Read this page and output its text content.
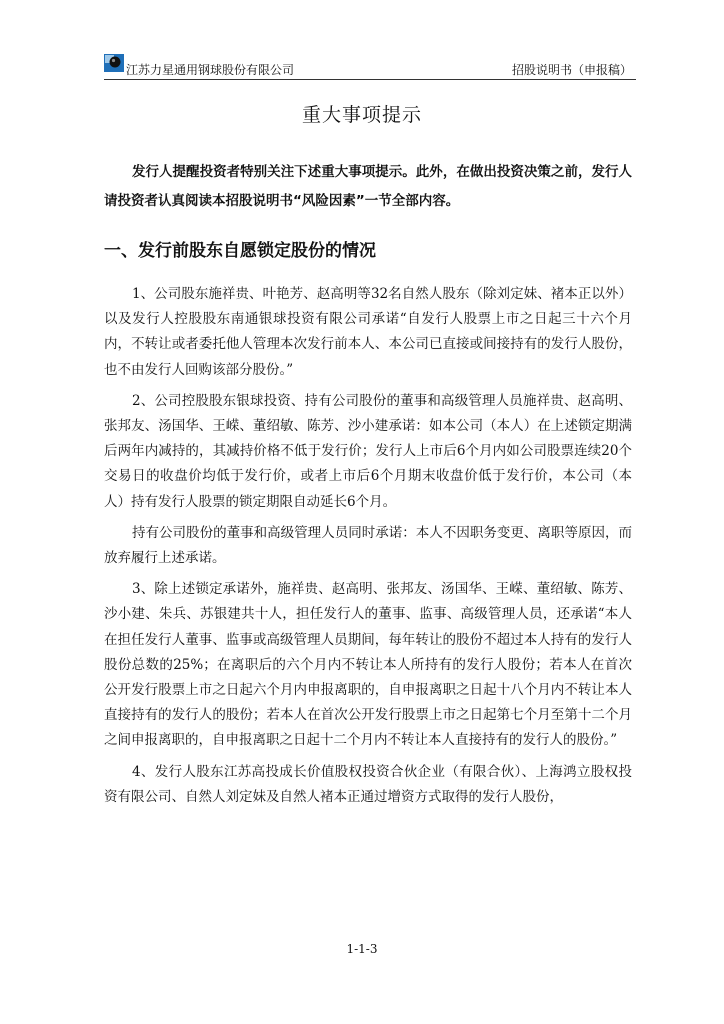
江苏力星通用钢球股份有限公司	招股说明书（申报稿）
重大事项提示

发行人提醒投资者特别关注下述重大事项提示。此外，在做出投资决策之前，发行人请投资者认真阅读本招股说明书“风险因素”一节全部内容。

一、发行前股东自愿锁定股份的情况

1、公司股东施祥贵、叶艳芳、赵高明等32名自然人股东（除刘定妹、褚本正以外）以及发行人控股股东南通银球投资有限公司承诺“自发行人股票上市之日起三十六个月内，不转让或者委托他人管理本次发行前本人、本公司已直接或间接持有的发行人股份，也不由发行人回购该部分股份。”

2、公司控股股东银球投资、持有公司股份的董事和高级管理人员施祥贵、赵高明、张邦友、汤国华、王嵘、董绍敏、陈芳、沙小建承诺：如本公司（本人）在上述锁定期满后两年内减持的，其减持价格不低于发行价；发行人上市后6个月内如公司股票连续20个交易日的收盘价均低于发行价，或者上市后6个月期末收盘价低于发行价，本公司（本人）持有发行人股票的锁定期限自动延长6个月。

持有公司股份的董事和高级管理人员同时承诺：本人不因职务变更、离职等原因，而放弃履行上述承诺。

3、除上述锁定承诺外，施祥贵、赵高明、张邦友、汤国华、王嵘、董绍敏、陈芳、沙小建、朱兵、苏银建共十人，担任发行人的董事、监事、高级管理人员，还承诺“本人在担任发行人董事、监事或高级管理人员期间，每年转让的股份不超过本人持有的发行人股份总数的25%；在离职后的六个月内不转让本人所持有的发行人股份；若本人在首次公开发行股票上市之日起六个月内申报离职的，自申报离职之日起十八个月内不转让本人直接持有的发行人的股份；若本人在首次公开发行股票上市之日起第七个月至第十二个月之间申报离职的，自申报离职之日起十二个月内不转让本人直接持有的发行人的股份。”

4、发行人股东江苏高投成长价值股权投资合伙企业（有限合伙）、上海鸿立股权投资有限公司、自然人刘定妹及自然人褚本正通过增资方式取得的发行人股份，

1-1-3
